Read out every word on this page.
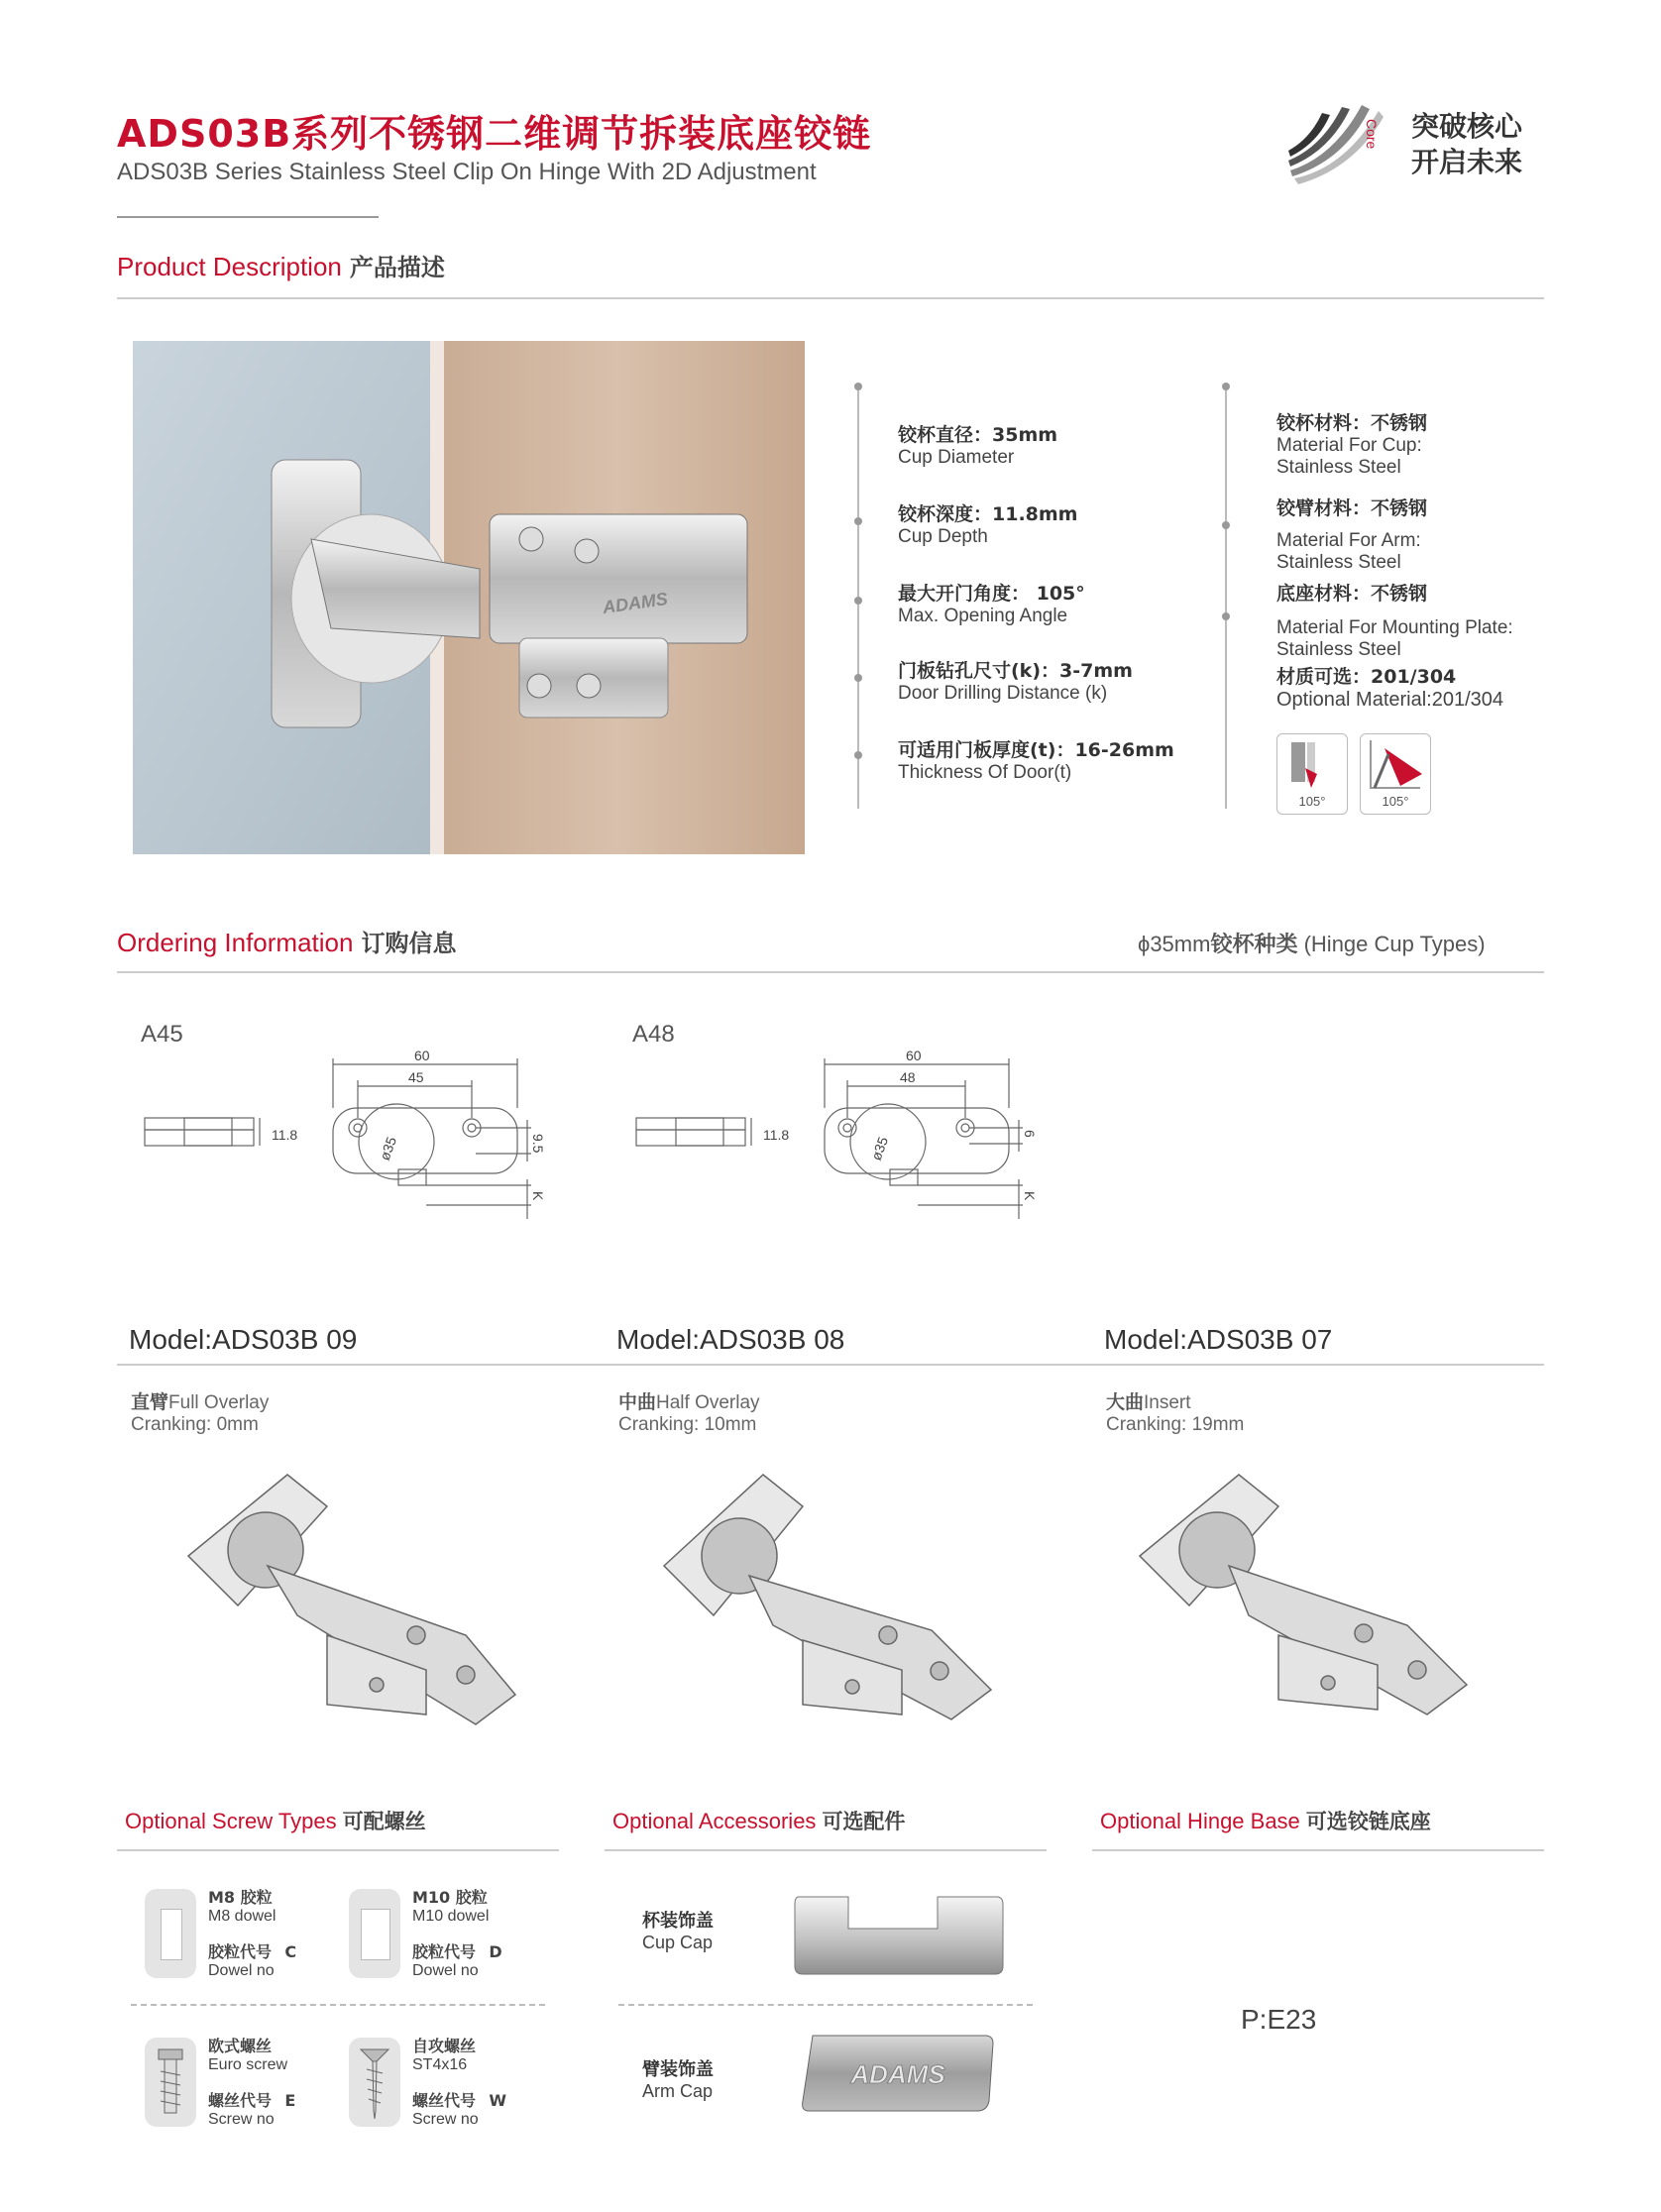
ADS03B系列不锈钢二维调节拆装底座铰链
ADS03B Series Stainless Steel Clip On Hinge With 2D Adjustment
Core 突破核心
开启未来
Product Description 产品描述
ADAMS
铰杯直径：35mm
Cup Diameter
铰杯深度：11.8mm
Cup Depth
最大开门角度： 105°
Max. Opening Angle
门板钻孔尺寸(k)：3-7mm
Door Drilling Distance (k)
可适用门板厚度(t)：16-26mm
Thickness Of Door(t)
铰杯材料：不锈钢
Material For Cup:
Stainless Steel
铰臂材料：不锈钢
Material For Arm:
Stainless Steel
底座材料：不锈钢
Material For Mounting Plate:
Stainless Steel
材质可选：201/304
Optional Material:201/304
105°	105°
Ordering Information 订购信息	ϕ35mm铰杯种类 (Hinge Cup Types)
A45
11.8
60
45
ø35	9.5
K
A48
11.8
60
48
ø35
6
K
Model:ADS03B 09	Model:ADS03B 08	Model:ADS03B 07
直臂Full Overlay
Cranking: 0mm
中曲Half Overlay
Cranking: 10mm
大曲Insert
Cranking: 19mm
Optional Screw Types 可配螺丝	Optional Accessories 可选配件	Optional Hinge Base 可选铰链底座
M8 胶粒
M8 dowel

胶粒代号 C
Dowel no
M10 胶粒
M10 dowel

胶粒代号 D
Dowel no
欧式螺丝
Euro screw

螺丝代号 E
Screw no
自攻螺丝
ST4x16

螺丝代号 W
Screw no
杯装饰盖
Cup Cap
臂装饰盖
Arm Cap
ADAMS
P:E23
